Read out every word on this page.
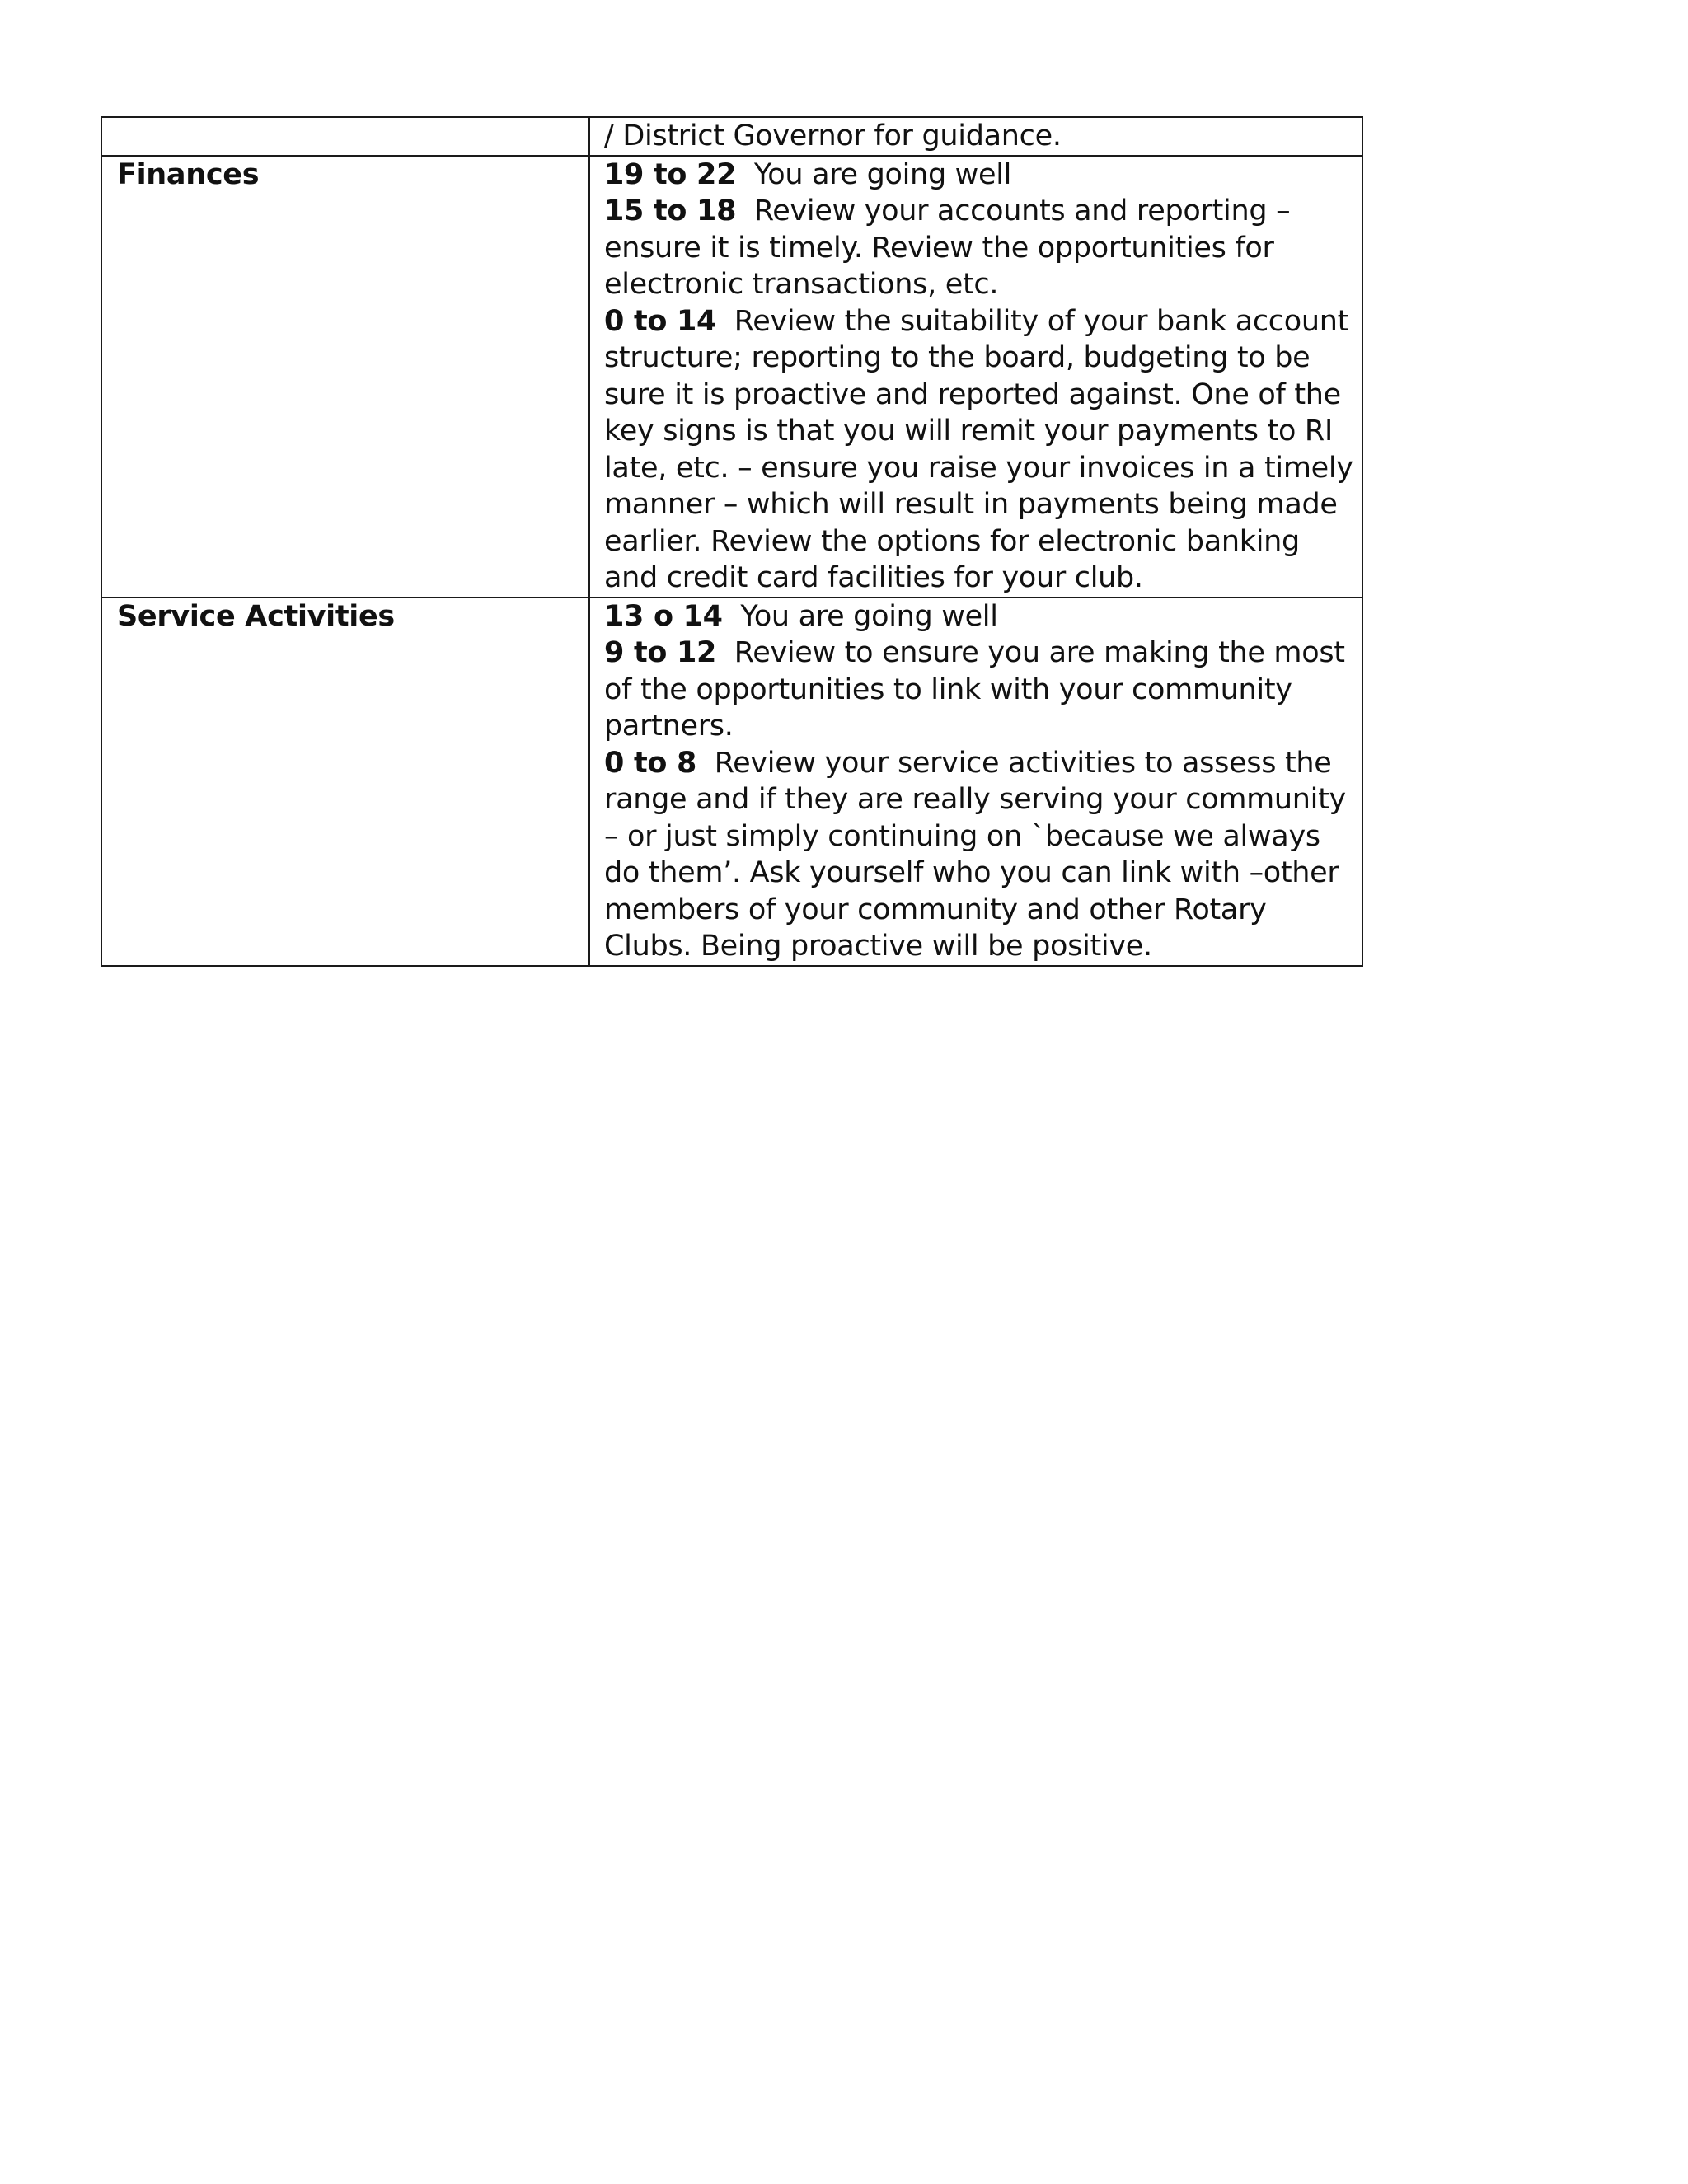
	/ District Governor for guidance.

Finances	19 to 22 You are going well
15 to 18 Review your accounts and reporting – ensure it is timely. Review the opportunities for electronic transactions, etc.
0 to 14 Review the suitability of your bank account structure; reporting to the board, budgeting to be sure it is proactive and reported against. One of the key signs is that you will remit your payments to RI late, etc. – ensure you raise your invoices in a timely manner – which will result in payments being made earlier. Review the options for electronic banking and credit card facilities for your club.

Service Activities	13 o 14 You are going well
9 to 12 Review to ensure you are making the most of the opportunities to link with your community partners.
0 to 8 Review your service activities to assess the range and if they are really serving your community – or just simply continuing on `because we always do them’. Ask yourself who you can link with –other members of your community and other Rotary Clubs. Being proactive will be positive.
